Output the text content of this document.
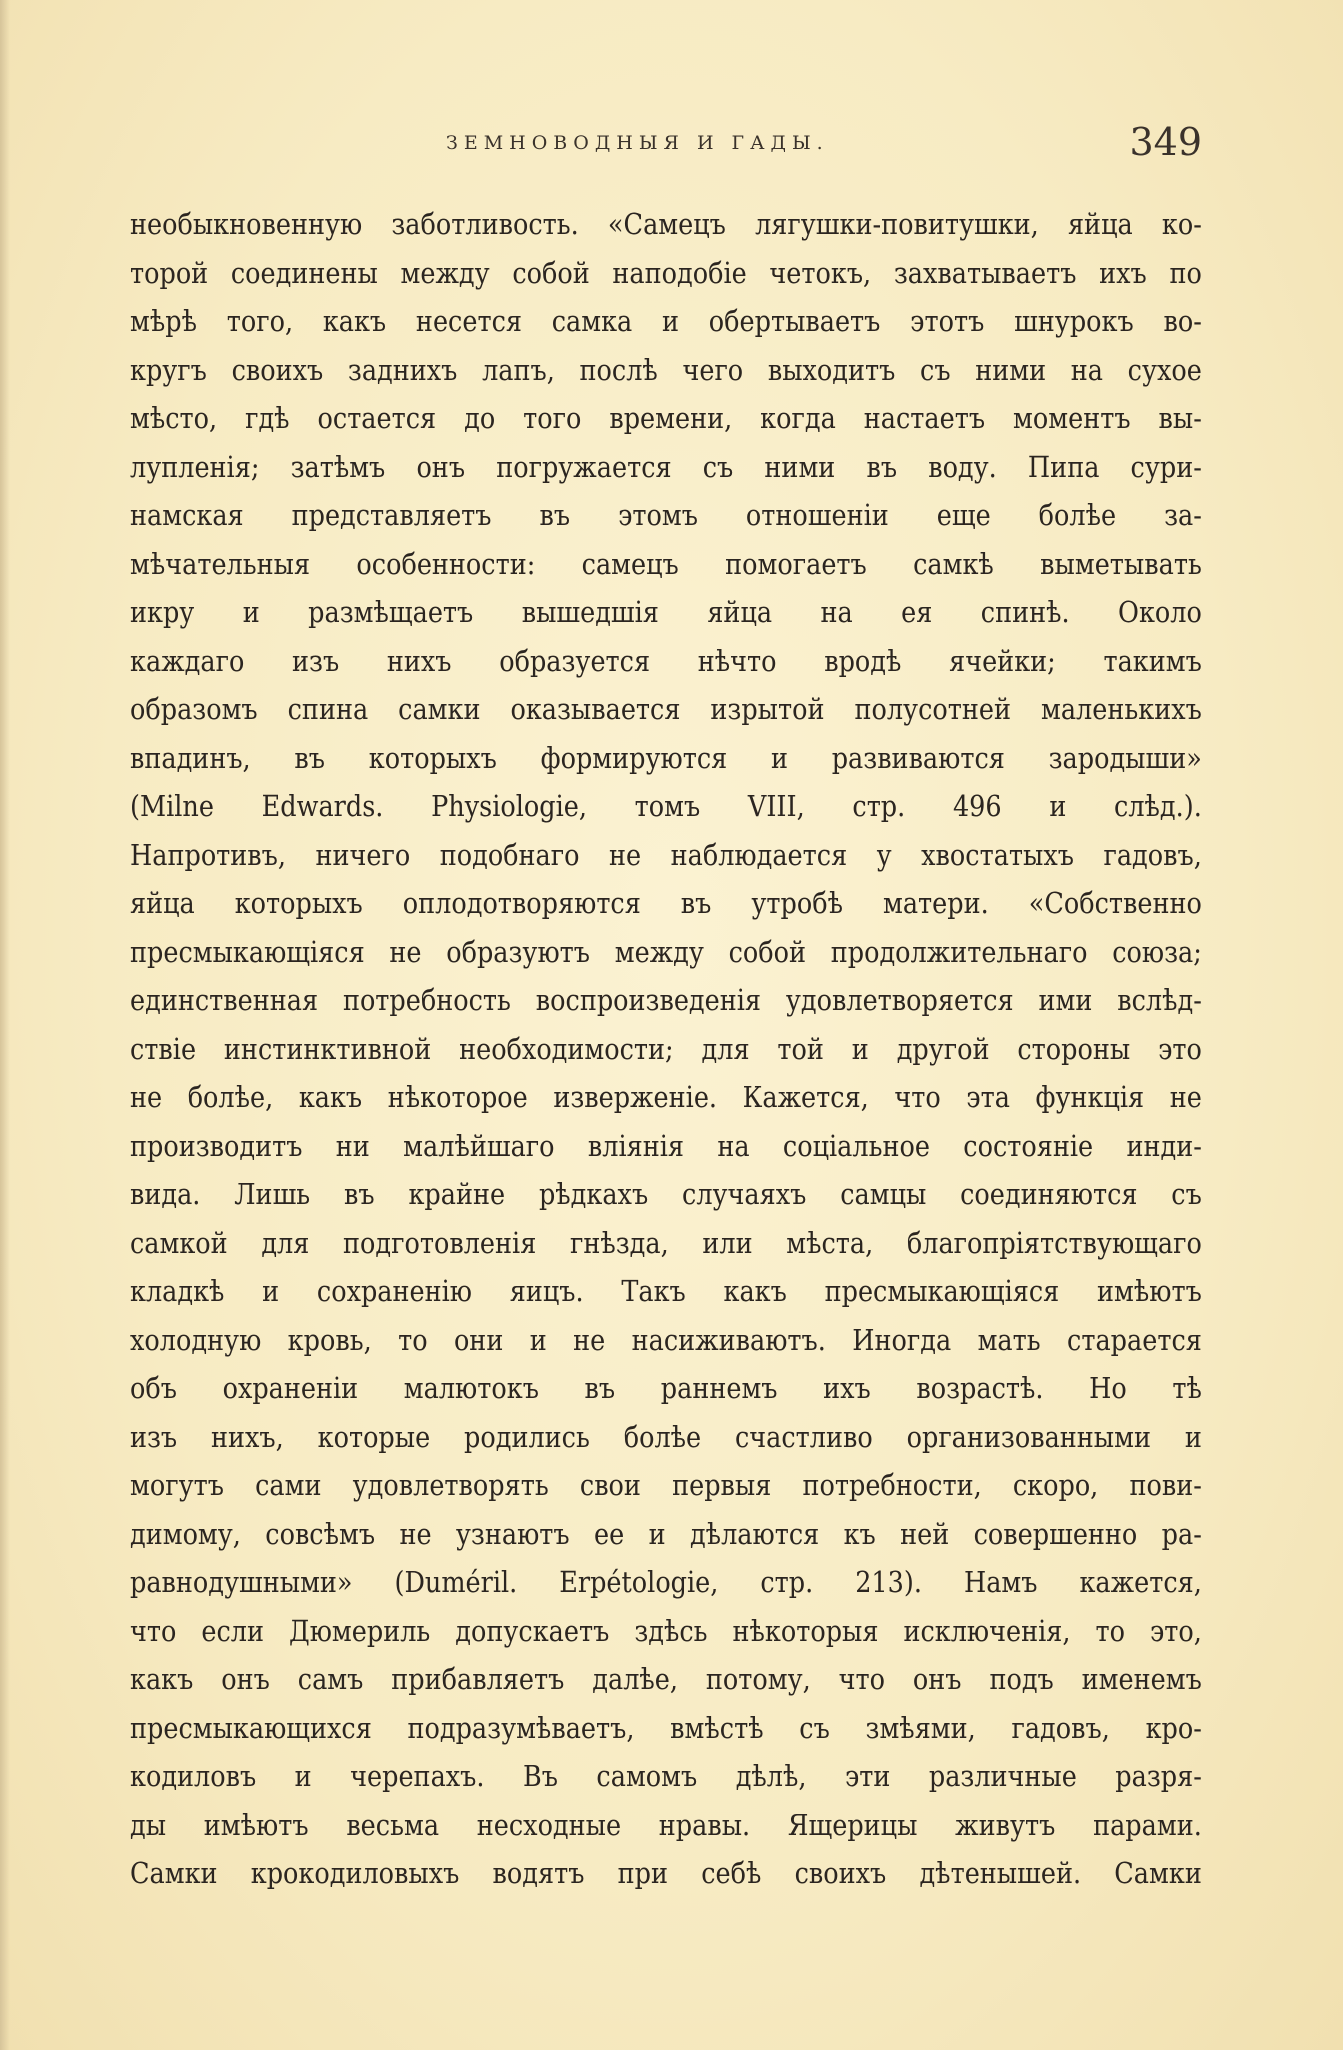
ЗЕМНОВОДНЫЯ И ГАДЫ.	349
необыкновенную заботливость. «Самецъ лягушки-повитушки, яйца ко-
торой соединены между собой наподобіе четокъ, захватываетъ ихъ по
мѣрѣ того, какъ несется самка и обертываетъ этотъ шнурокъ во-
кругъ своихъ заднихъ лапъ, послѣ чего выходитъ съ ними на сухое
мѣсто, гдѣ остается до того времени, когда настаетъ моментъ вы-
лупленія; затѣмъ онъ погружается съ ними въ воду. Пипа сури-
намская представляетъ въ этомъ отношеніи еще болѣе за-
мѣчательныя особенности: самецъ помогаетъ самкѣ выметывать
икру и размѣщаетъ вышедшія яйца на ея спинѣ. Около
каждаго изъ нихъ образуется нѣчто вродѣ ячейки; такимъ
образомъ спина самки оказывается изрытой полусотней маленькихъ
впадинъ, въ которыхъ формируются и развиваются зародыши»
(Milne Edwards. Physiologie, томъ VIII, стр. 496 и слѣд.).
Напротивъ, ничего подобнаго не наблюдается у хвостатыхъ гадовъ,
яйца которыхъ оплодотворяются въ утробѣ матери. «Собственно
пресмыкающіяся не образуютъ между собой продолжительнаго союза;
единственная потребность воспроизведенія удовлетворяется ими вслѣд-
ствіе инстинктивной необходимости; для той и другой стороны это
не болѣе, какъ нѣкоторое изверженіе. Кажется, что эта функція не
производитъ ни малѣйшаго вліянія на соціальное состояніе инди-
вида. Лишь въ крайне рѣдкахъ случаяхъ самцы соединяются съ
самкой для подготовленія гнѣзда, или мѣста, благопріятствующаго
кладкѣ и сохраненію яицъ. Такъ какъ пресмыкающіяся имѣютъ
холодную кровь, то они и не насиживаютъ. Иногда мать старается
объ охраненіи малютокъ въ раннемъ ихъ возрастѣ. Но тѣ
изъ нихъ, которые родились болѣе счастливо организованными и
могутъ сами удовлетворять свои первыя потребности, скоро, пови-
димому, совсѣмъ не узнаютъ ее и дѣлаются къ ней совершенно ра-
равнодушными» (Duméril. Erpétologie, стр. 213). Намъ кажется,
что если Дюмериль допускаетъ здѣсь нѣкоторыя исключенія, то это,
какъ онъ самъ прибавляетъ далѣе, потому, что онъ подъ именемъ
пресмыкающихся подразумѣваетъ, вмѣстѣ съ змѣями, гадовъ, кро-
кодиловъ и черепахъ. Въ самомъ дѣлѣ, эти различные разря-
ды имѣютъ весьма несходные нравы. Ящерицы живутъ парами.
Самки крокодиловыхъ водятъ при себѣ своихъ дѣтенышей. Самки
